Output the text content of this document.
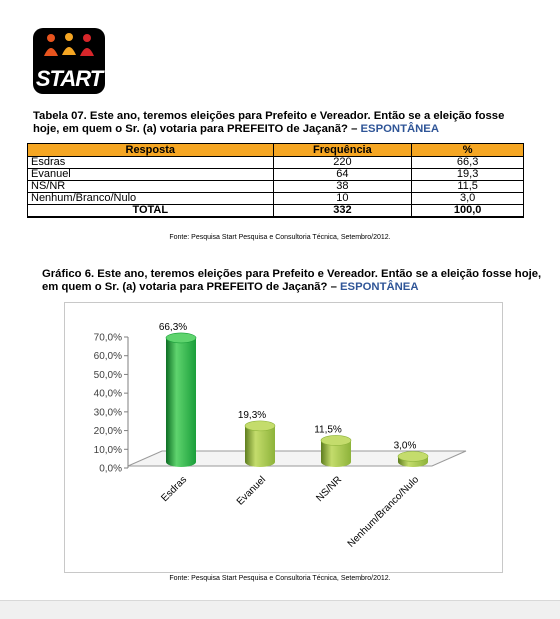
START
Tabela 07. Este ano, teremos eleições para Prefeito e Vereador. Então se a eleição fosse hoje, em quem o Sr. (a) votaria para PREFEITO de Jaçanã? – ESPONTÂNEA
Resposta	Frequência	%
Esdras	220	66,3
Evanuel	64	19,3
NS/NR	38	11,5
Nenhum/Branco/Nulo	10	3,0
TOTAL	332	100,0
Fonte: Pesquisa Start Pesquisa e Consultoria Técnica, Setembro/2012.
Gráfico 6. Este ano, teremos eleições para Prefeito e Vereador. Então se a eleição fosse hoje, em quem o Sr. (a) votaria para PREFEITO de Jaçanã? – ESPONTÂNEA
0,0%
10,0%
20,0%
30,0%
40,0%
50,0%
60,0%
70,0%
66,3%
Esdras
19,3%
Evanuel
11,5%
NS/NR
3,0%
Nenhum/Branco/Nulo
Fonte: Pesquisa Start Pesquisa e Consultoria Técnica, Setembro/2012.
